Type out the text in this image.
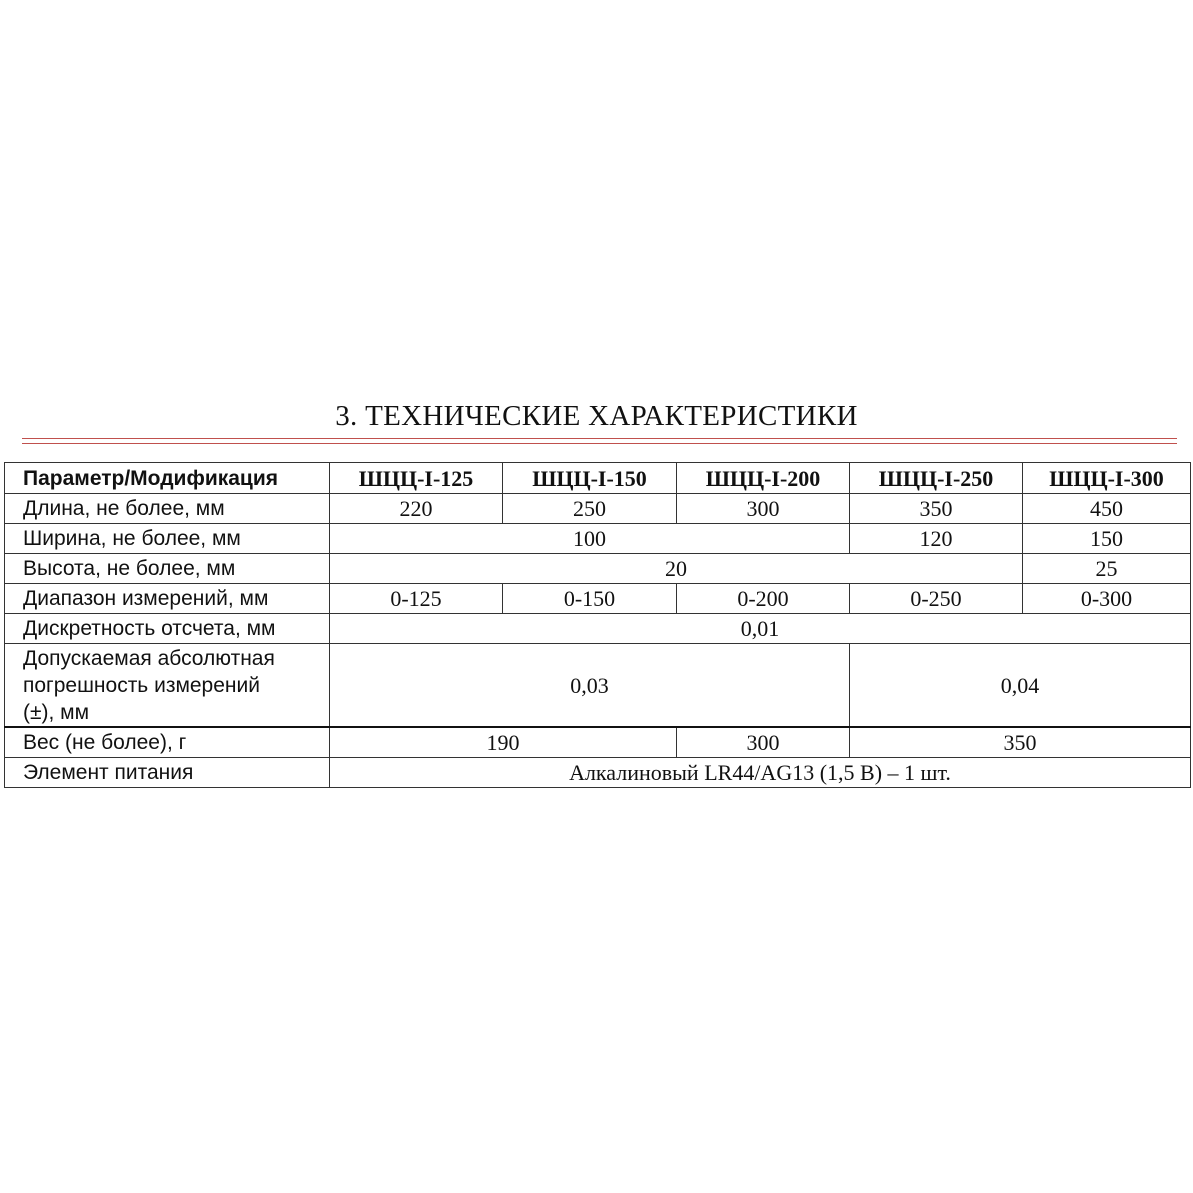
3. ТЕХНИЧЕСКИЕ ХАРАКТЕРИСТИКИ
Параметр/Модификация	ШЦЦ-I-125	ШЦЦ-I-150	ШЦЦ-I-200	ШЦЦ-I-250	ШЦЦ-I-300
Длина, не более, мм	220	250	300	350	450
Ширина, не более, мм	100			120	150
Высота, не более, мм	20				25
Диапазон измерений, мм	0-125	0-150	0-200	0-250	0-300
Дискретность отсчета, мм	0,01				

Допускаемая абсолютная
погрешность измерений
(±), мм	0,03			0,04	
Вес (не более), г	190		300	350	
Элемент питания	Алкалиновый LR44/AG13 (1,5 В) – 1 шт.				
